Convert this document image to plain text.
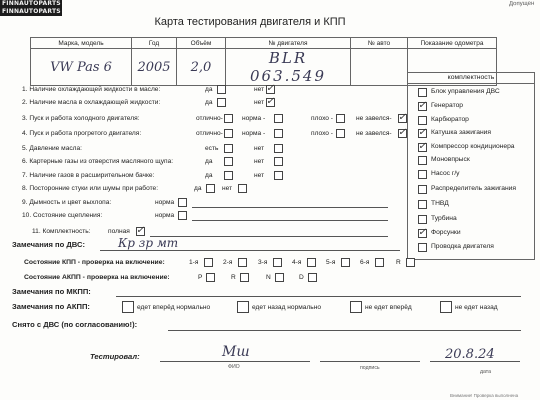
FINNAUTOPARTS
FINNAUTOPARTS
Допущен
Карта тестирования двигателя и КПП
Марка, модель	Год	Объём	№ двигателя	№ авто	Показание одометра
VW Pas 6	2005	2,0	BLR 063.549		
1. Наличие охлаждающей жидкости в масле:	да	нет ✓
2. Наличие масла в охлаждающей жидкости:	да	нет ✓
3. Пуск и работа холодного двигателя:	отлично-	норма -	плохо -	не завелся- ✓
4. Пуск и работа прогретого двигателя:	отлично-	норма -	плохо -	не завелся- ✓
5. Давление масла:	есть	нет
6. Картерные газы из отверстия масляного щупа:	да	нет
7. Наличие газов в расширительном бачке:	да	нет
8. Посторонние стуки или шумы при работе:	да	нет
9. Дымность и цвет выхлопа:	норма
10. Состояние сцепления:	норма
11. Комплектность:	полная ✓
комплектность
Блок управления ДВС
✓ Генератор
Карбюратор
✓ Катушка зажигания
✓ Компрессор кондиционера
Моновпрыск
Насос г/у
Распределитель зажигания
ТНВД
Турбина
✓ Форсунки
Проводка двигателя
Замечания по ДВС:	Кр зр мт
Состояние КПП - проверка на включение:	1-я	2-я	3-я	4-я	5-я	6-я	R
Состояние АКПП - проверка на включение:	P	R	N	D
Замечания по МКПП:
Замечания по АКПП:	едет вперёд нормально	едет назад нормально	не едет вперёд	не едет назад
Снято с ДВС (по согласованию!):
Тестировал:	Мш	20.8.24
ФИО	подпись
дата
Внимание! Проверка выполнена
